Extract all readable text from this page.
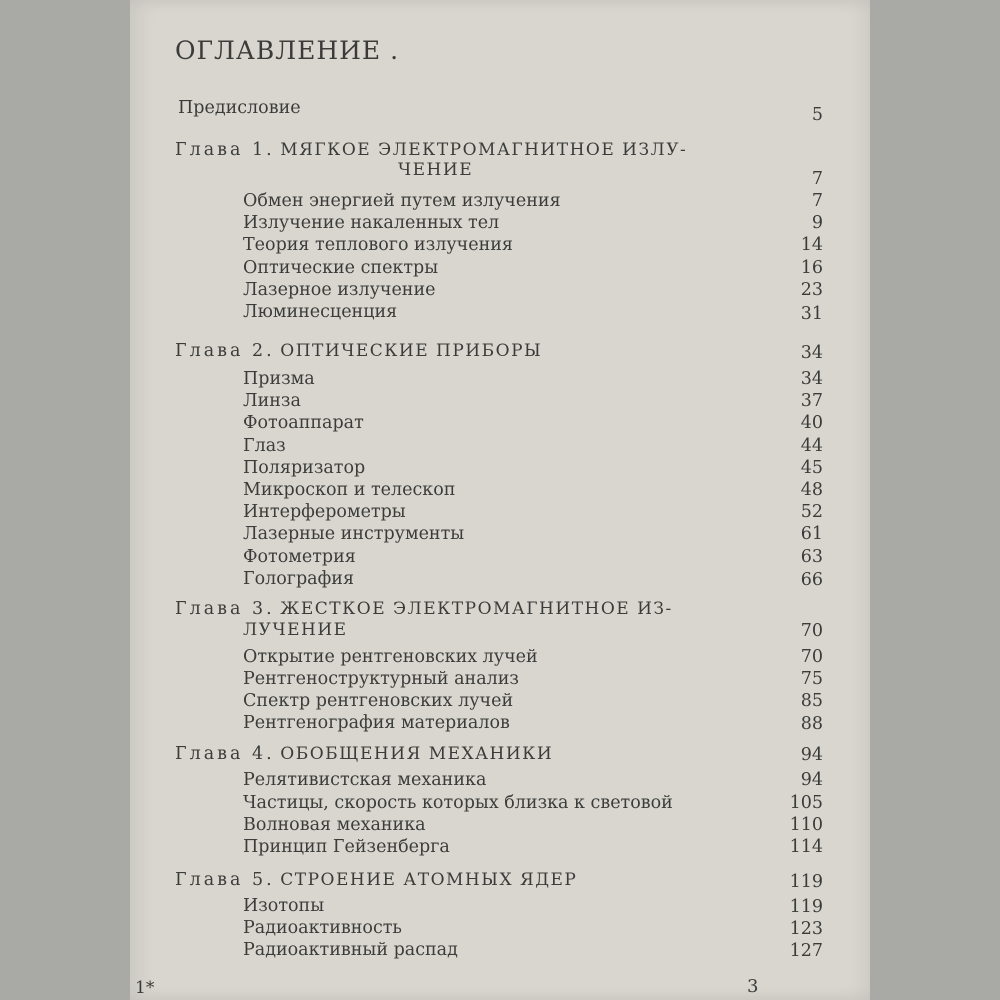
ОГЛАВЛЕНИЕ .
Предисловие	5
Глава 1. МЯГКОЕ ЭЛЕКТРОМАГНИТНОЕ ИЗЛУ-
ЧЕНИЕ	7
Обмен энергией путем излучения	7
Излучение накаленных тел	9
Теория теплового излучения	14
Оптические спектры	16
Лазерное излучение	23
Люминесценция	31
Глава 2. ОПТИЧЕСКИЕ ПРИБОРЫ	34
Призма	34
Линза	37
Фотоаппарат	40
Глаз	44
Поляризатор	45
Микроскоп и телескоп	48
Интерферометры	52
Лазерные инструменты	61
Фотометрия	63
Голография	66
Глава 3. ЖЕСТКОЕ ЭЛЕКТРОМАГНИТНОЕ ИЗ-
ЛУЧЕНИЕ	70
Открытие рентгеновских лучей	70
Рентгеноструктурный анализ	75
Спектр рентгеновских лучей	85
Рентгенография материалов	88
Глава 4. ОБОБЩЕНИЯ МЕХАНИКИ	94
Релятивистская механика	94
Частицы, скорость которых близка к световой	105
Волновая механика	110
Принцип Гейзенберга	114
Глава 5. СТРОЕНИЕ АТОМНЫХ ЯДЕР	119
Изотопы	119
Радиоактивность	123
Радиоактивный распад	127
1*	3
